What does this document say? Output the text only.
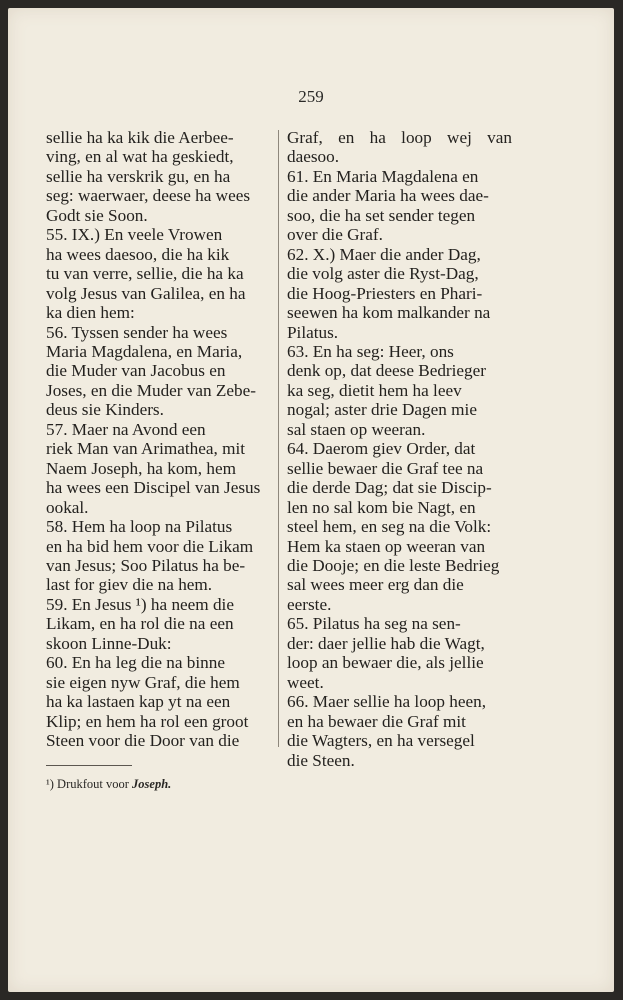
259

sellie ha ka kik die Aerbee-
ving, en al wat ha geskiedt,
sellie ha verskrik gu, en ha
seg: waerwaer, deese ha wees
Godt sie Soon.

55. IX.) En veele Vrowen
ha wees daesoo, die ha kik
tu van verre, sellie, die ha ka
volg Jesus van Galilea, en ha
ka dien hem:

56. Tyssen sender ha wees
Maria Magdalena, en Maria,
die Muder van Jacobus en
Joses, en die Muder van Zebe-
deus sie Kinders.

57. Maer na Avond een
riek Man van Arimathea, mit
Naem Joseph, ha kom, hem
ha wees een Discipel van Jesus
ookal.

58. Hem ha loop na Pilatus
en ha bid hem voor die Likam
van Jesus; Soo Pilatus ha be-
last for giev die na hem.

59. En Jesus ¹) ha neem die
Likam, en ha rol die na een
skoon Linne-Duk:

60. En ha leg die na binne
sie eigen nyw Graf, die hem
ha ka lastaen kap yt na een
Klip; en hem ha rol een groot
Steen voor die Door van die

Graf, en ha loop wej van daesoo.

61. En Maria Magdalena en
die ander Maria ha wees dae-
soo, die ha set sender tegen
over die Graf.

62. X.) Maer die ander Dag,
die volg aster die Ryst-Dag,
die Hoog-Priesters en Phari-
seewen ha kom malkander na
Pilatus.

63. En ha seg: Heer, ons
denk op, dat deese Bedrieger
ka seg, dietit hem ha leev
nogal; aster drie Dagen mie
sal staen op weeran.

64. Daerom giev Order, dat
sellie bewaer die Graf tee na
die derde Dag; dat sie Discip-
len no sal kom bie Nagt, en
steel hem, en seg na die Volk:
Hem ka staen op weeran van
die Dooje; en die leste Bedrieg
sal wees meer erg dan die
eerste.

65. Pilatus ha seg na sen-
der: daer jellie hab die Wagt,
loop an bewaer die, als jellie
weet.

66. Maer sellie ha loop heen,
en ha bewaer die Graf mit
die Wagters, en ha versegel
die Steen.

¹) Drukfout voor Joseph.
